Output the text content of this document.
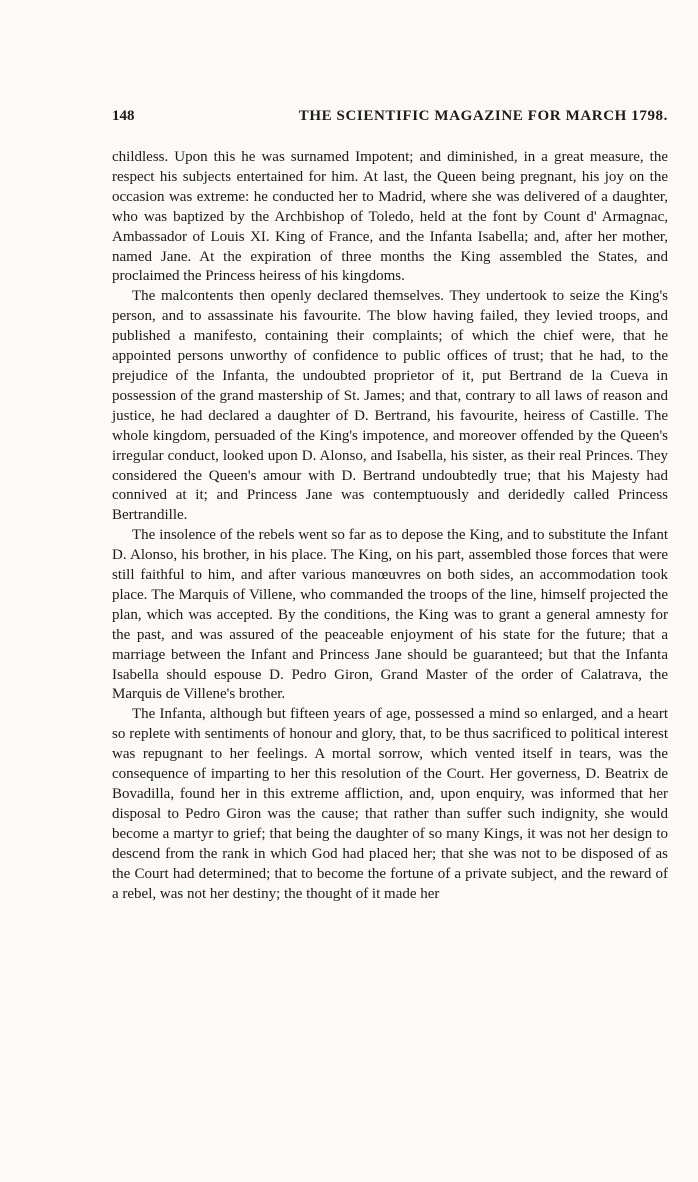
148	THE SCIENTIFIC MAGAZINE FOR MARCH 1798.

childless. Upon this he was surnamed Impotent; and diminished, in a great measure, the respect his subjects entertained for him. At last, the Queen being pregnant, his joy on the occasion was extreme: he conducted her to Madrid, where she was delivered of a daughter, who was baptized by the Archbishop of Toledo, held at the font by Count d' Armagnac, Ambassador of Louis XI. King of France, and the Infanta Isabella; and, after her mother, named Jane. At the expiration of three months the King assembled the States, and proclaimed the Princess heiress of his kingdoms.

The malcontents then openly declared themselves. They undertook to seize the King's person, and to assassinate his favourite. The blow having failed, they levied troops, and published a manifesto, containing their complaints; of which the chief were, that he appointed persons unworthy of confidence to public offices of trust; that he had, to the prejudice of the Infanta, the undoubted proprietor of it, put Bertrand de la Cueva in possession of the grand mastership of St. James; and that, contrary to all laws of reason and justice, he had declared a daughter of D. Bertrand, his favourite, heiress of Castille. The whole kingdom, persuaded of the King's impotence, and moreover offended by the Queen's irregular conduct, looked upon D. Alonso, and Isabella, his sister, as their real Princes. They considered the Queen's amour with D. Bertrand undoubtedly true; that his Majesty had connived at it; and Princess Jane was contemptuously and deridedly called Princess Bertrandille.

The insolence of the rebels went so far as to depose the King, and to substitute the Infant D. Alonso, his brother, in his place. The King, on his part, assembled those forces that were still faithful to him, and after various manœuvres on both sides, an accommodation took place. The Marquis of Villene, who commanded the troops of the line, himself projected the plan, which was accepted. By the conditions, the King was to grant a general amnesty for the past, and was assured of the peaceable enjoyment of his state for the future; that a marriage between the Infant and Princess Jane should be guaranteed; but that the Infanta Isabella should espouse D. Pedro Giron, Grand Master of the order of Calatrava, the Marquis de Villene's brother.

The Infanta, although but fifteen years of age, possessed a mind so enlarged, and a heart so replete with sentiments of honour and glory, that, to be thus sacrificed to political interest was repugnant to her feelings. A mortal sorrow, which vented itself in tears, was the consequence of imparting to her this resolution of the Court. Her governess, D. Beatrix de Bovadilla, found her in this extreme affliction, and, upon enquiry, was informed that her disposal to Pedro Giron was the cause; that rather than suffer such indignity, she would become a martyr to grief; that being the daughter of so many Kings, it was not her design to descend from the rank in which God had placed her; that she was not to be disposed of as the Court had determined; that to become the fortune of a private subject, and the reward of a rebel, was not her destiny; the thought of it made her
